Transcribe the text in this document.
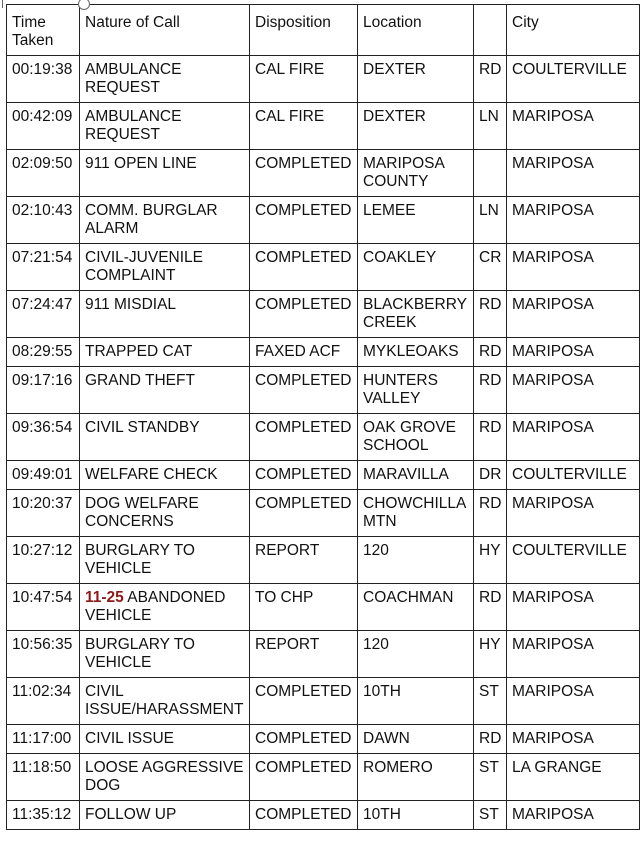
Time Taken	Nature of Call	Disposition	Location		City
00:19:38	AMBULANCE REQUEST	CAL FIRE	DEXTER	RD	COULTERVILLE
00:42:09	AMBULANCE REQUEST	CAL FIRE	DEXTER	LN	MARIPOSA
02:09:50	911 OPEN LINE	COMPLETED	MARIPOSA COUNTY		MARIPOSA
02:10:43	COMM. BURGLAR ALARM	COMPLETED	LEMEE	LN	MARIPOSA
07:21:54	CIVIL-JUVENILE COMPLAINT	COMPLETED	COAKLEY	CR	MARIPOSA
07:24:47	911 MISDIAL	COMPLETED	BLACKBERRY CREEK	RD	MARIPOSA
08:29:55	TRAPPED CAT	FAXED ACF	MYKLEOAKS	RD	MARIPOSA
09:17:16	GRAND THEFT	COMPLETED	HUNTERS VALLEY	RD	MARIPOSA
09:36:54	CIVIL STANDBY	COMPLETED	OAK GROVE SCHOOL	RD	MARIPOSA
09:49:01	WELFARE CHECK	COMPLETED	MARAVILLA	DR	COULTERVILLE
10:20:37	DOG WELFARE CONCERNS	COMPLETED	CHOWCHILLA MTN	RD	MARIPOSA
10:27:12	BURGLARY TO VEHICLE	REPORT	120	HY	COULTERVILLE
10:47:54	11-25 ABANDONED VEHICLE	TO CHP	COACHMAN	RD	MARIPOSA
10:56:35	BURGLARY TO VEHICLE	REPORT	120	HY	MARIPOSA
11:02:34	CIVIL ISSUE/HARASSMENT	COMPLETED	10TH	ST	MARIPOSA
11:17:00	CIVIL ISSUE	COMPLETED	DAWN	RD	MARIPOSA
11:18:50	LOOSE AGGRESSIVE DOG	COMPLETED	ROMERO	ST	LA GRANGE
11:35:12	FOLLOW UP	COMPLETED	10TH	ST	MARIPOSA
